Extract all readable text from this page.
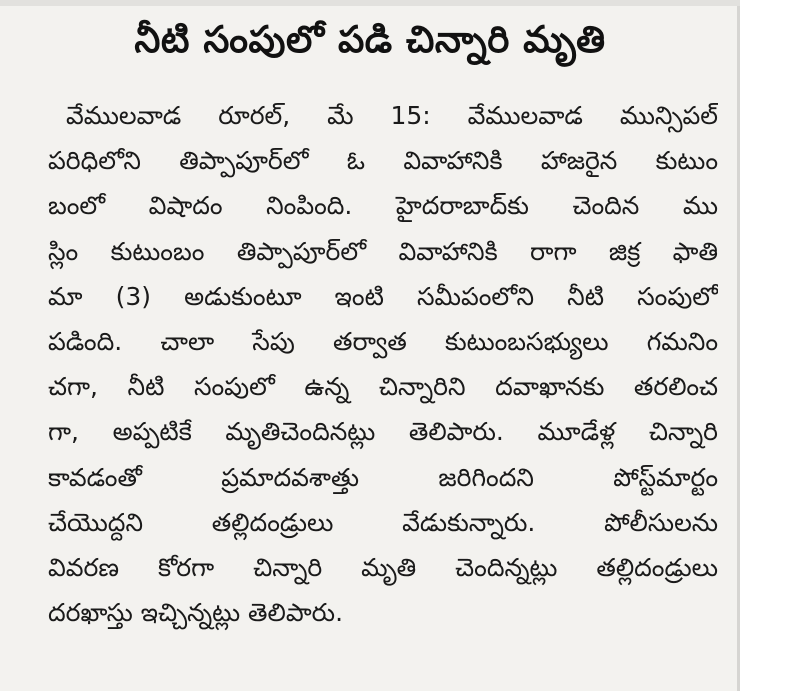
నీటి సంపులో పడి చిన్నారి మృతి
వేములవాడ రూరల్, మే 15: వేములవాడ మున్సిపల్
పరిధిలోని తిప్పాపూర్‌లో ఓ వివాహానికి హాజరైన కుటుం
బంలో విషాదం నింపింది. హైదరాబాద్‌కు చెందిన ము
స్లిం కుటుంబం తిప్పాపూర్‌లో వివాహానికి రాగా జిక్ర ఫాతి
మా (3) అడుకుంటూ ఇంటి సమీపంలోని నీటి సంపులో
పడింది. చాలా సేపు తర్వాత కుటుంబసభ్యులు గమనిం
చగా, నీటి సంపులో ఉన్న చిన్నారిని దవాఖానకు తరలించ
గా, అప్పటికే మృతిచెందినట్లు తెలిపారు. మూడేళ్ల చిన్నారి
కావడంతో ప్రమాదవశాత్తు జరిగిందని పోస్ట్‌మార్టం
చేయొద్దని తల్లిదండ్రులు వేడుకున్నారు. పోలీసులను
వివరణ కోరగా చిన్నారి మృతి చెందిన్నట్లు తల్లిదండ్రులు
దరఖాస్తు ఇచ్చిన్నట్లు తెలిపారు.
